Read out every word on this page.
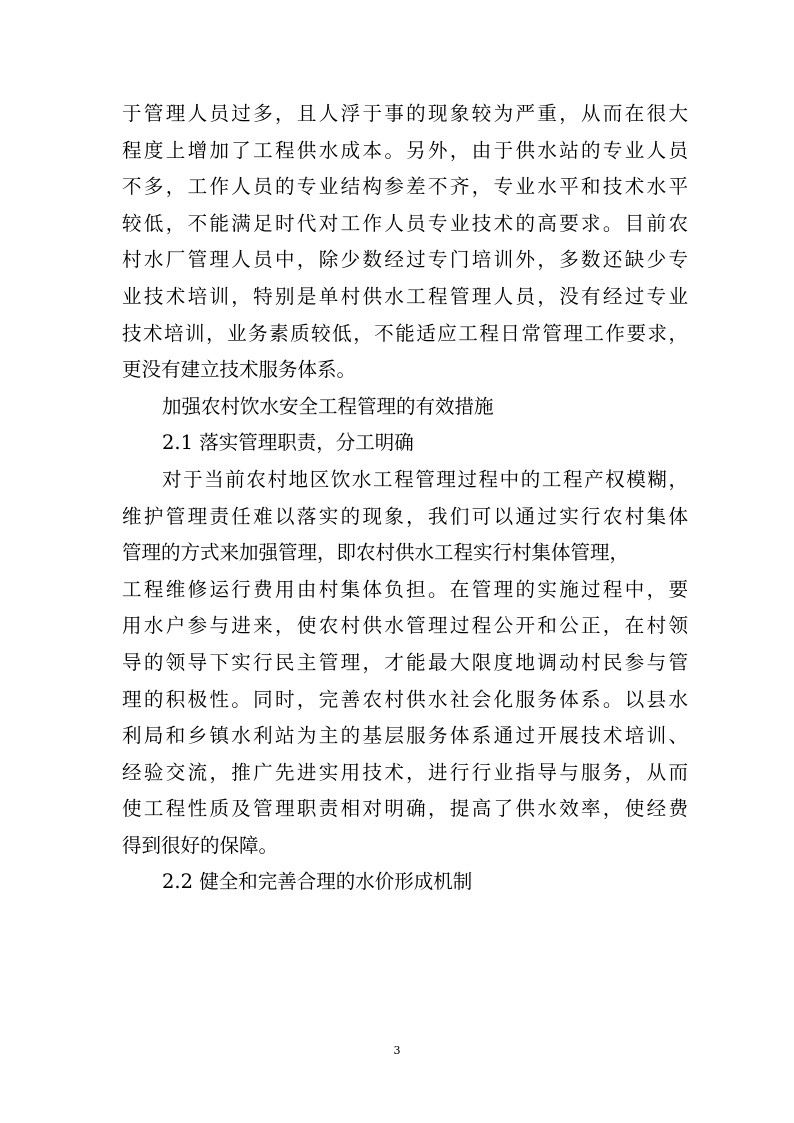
于管理人员过多，且人浮于事的现象较为严重，从而在很大
程度上增加了工程供水成本。另外，由于供水站的专业人员
不多，工作人员的专业结构参差不齐，专业水平和技术水平
较低，不能满足时代对工作人员专业技术的高要求。目前农
村水厂管理人员中，除少数经过专门培训外，多数还缺少专
业技术培训，特别是单村供水工程管理人员，没有经过专业
技术培训，业务素质较低，不能适应工程日常管理工作要求，
更没有建立技术服务体系。
加强农村饮水安全工程管理的有效措施
2.1 落实管理职责，分工明确
对于当前农村地区饮水工程管理过程中的工程产权模糊，
维护管理责任难以落实的现象，我们可以通过实行农村集体
管理的方式来加强管理，即农村供水工程实行村集体管理，
工程维修运行费用由村集体负担。在管理的实施过程中，要
用水户参与进来，使农村供水管理过程公开和公正，在村领
导的领导下实行民主管理，才能最大限度地调动村民参与管
理的积极性。同时，完善农村供水社会化服务体系。以县水
利局和乡镇水利站为主的基层服务体系通过开展技术培训、
经验交流，推广先进实用技术，进行行业指导与服务，从而
使工程性质及管理职责相对明确，提高了供水效率，使经费
得到很好的保障。
2.2 健全和完善合理的水价形成机制
3
